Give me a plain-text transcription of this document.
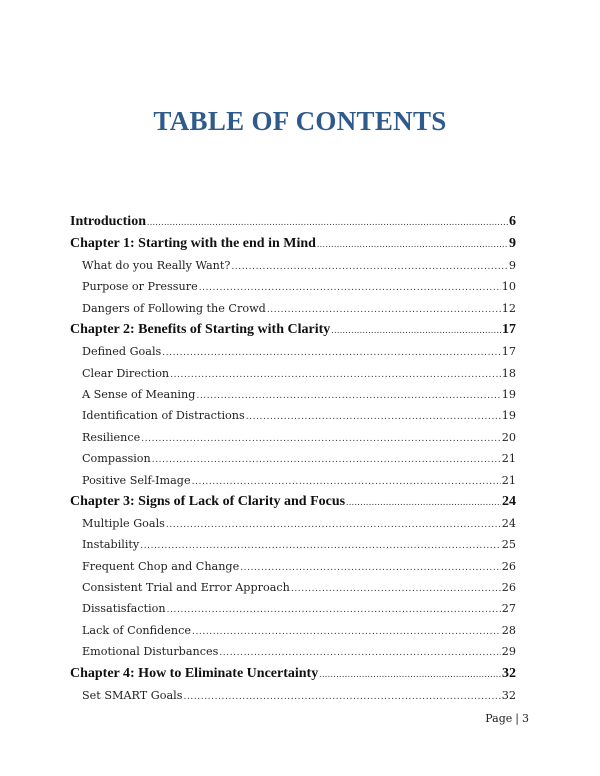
TABLE OF CONTENTS
Introduction .....	6
Chapter 1: Starting with the end in Mind .....	9
What do you Really Want? .....	9
Purpose or Pressure .....	10
Dangers of Following the Crowd .....	12
Chapter 2: Benefits of Starting with Clarity .....	17
Defined Goals .....	17
Clear Direction .....	18
A Sense of Meaning .....	19
Identification of Distractions .....	19
Resilience .....	20
Compassion .....	21
Positive Self-Image .....	21
Chapter 3: Signs of Lack of Clarity and Focus .....	24
Multiple Goals .....	24
Instability .....	25
Frequent Chop and Change .....	26
Consistent Trial and Error Approach .....	26
Dissatisfaction .....	27
Lack of Confidence .....	28
Emotional Disturbances .....	29
Chapter 4: How to Eliminate Uncertainty .....	32
Set SMART Goals .....	32
Page | 3
